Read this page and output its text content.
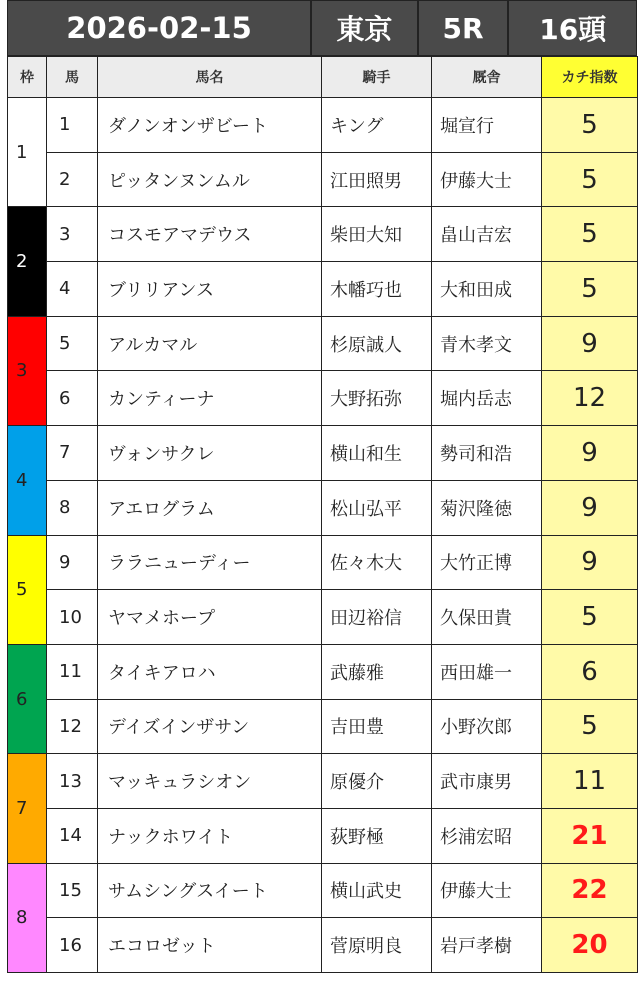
2026-02-15	東京	5R	16頭
枠	馬	馬名	騎手	厩舎	カチ指数
1	1	ダノンオンザビート	キング	堀宣行	5
	2	ピッタンヌンムル	江田照男	伊藤大士	5
2	3	コスモアマデウス	柴田大知	畠山吉宏	5
	4	ブリリアンス	木幡巧也	大和田成	5
3	5	アルカマル	杉原誠人	青木孝文	9
	6	カンティーナ	大野拓弥	堀内岳志	12
4	7	ヴォンサクレ	横山和生	勢司和浩	9
	8	アエログラム	松山弘平	菊沢隆徳	9
5	9	ララニューディー	佐々木大	大竹正博	9
	10	ヤマメホープ	田辺裕信	久保田貴	5
6	11	タイキアロハ	武藤雅	西田雄一	6
	12	デイズインザサン	吉田豊	小野次郎	5
7	13	マッキュラシオン	原優介	武市康男	11
	14	ナックホワイト	荻野極	杉浦宏昭	21
8	15	サムシングスイート	横山武史	伊藤大士	22
	16	エコロゼット	菅原明良	岩戸孝樹	20
